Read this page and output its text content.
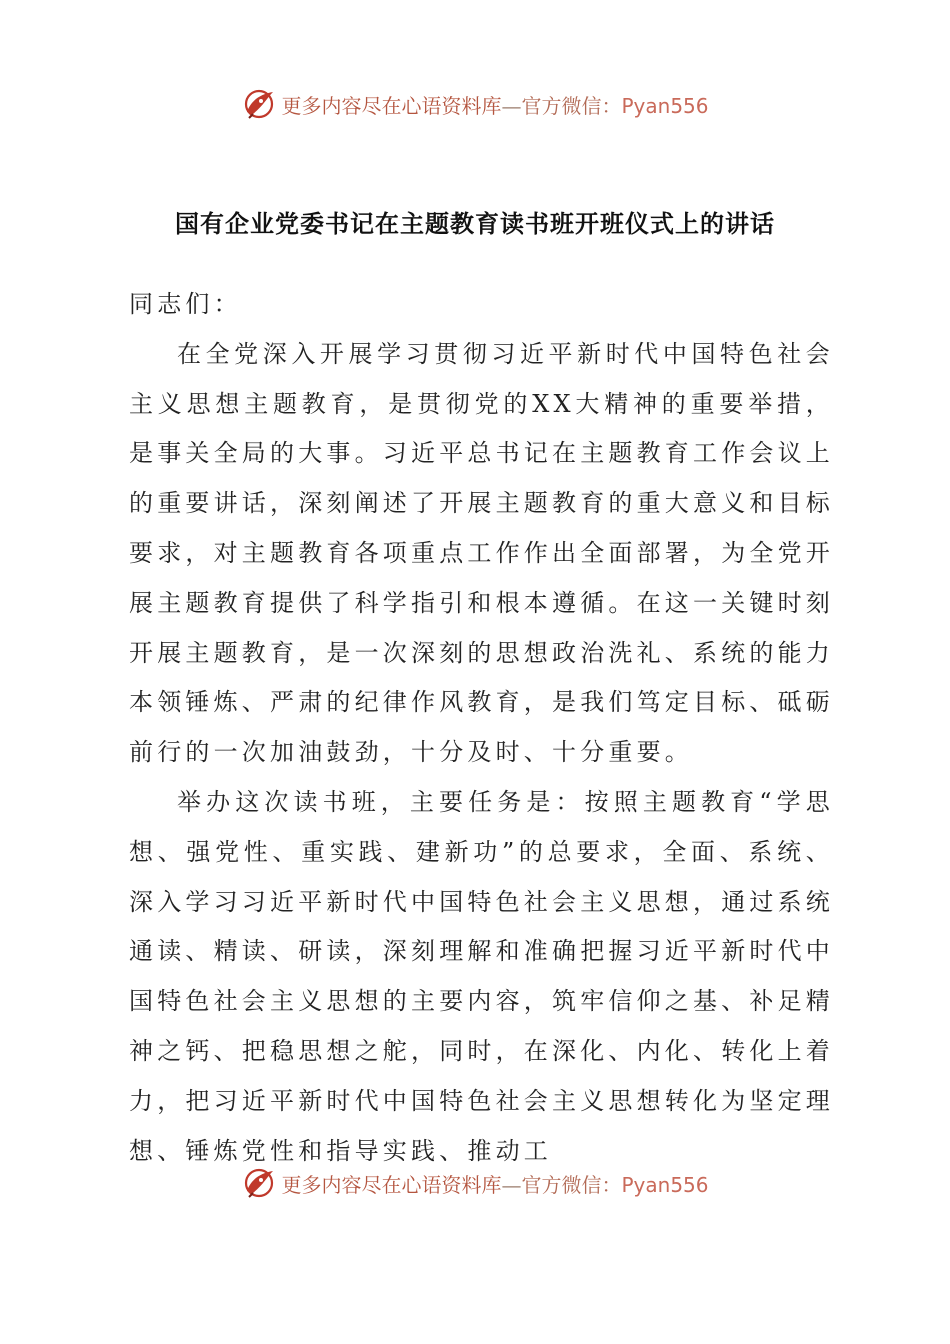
更多内容尽在心语资料库—官方微信：Pyan556
国有企业党委书记在主题教育读书班开班仪式上的讲话

同志们：

在全党深入开展学习贯彻习近平新时代中国特色社会主义思想主题教育，是贯彻党的XX大精神的重要举措，是事关全局的大事。习近平总书记在主题教育工作会议上的重要讲话，深刻阐述了开展主题教育的重大意义和目标要求，对主题教育各项重点工作作出全面部署，为全党开展主题教育提供了科学指引和根本遵循。在这一关键时刻开展主题教育，是一次深刻的思想政治洗礼、系统的能力本领锤炼、严肃的纪律作风教育，是我们笃定目标、砥砺前行的一次加油鼓劲，十分及时、十分重要。

举办这次读书班，主要任务是：按照主题教育“学思想、强党性、重实践、建新功”的总要求，全面、系统、深入学习习近平新时代中国特色社会主义思想，通过系统通读、精读、研读，深刻理解和准确把握习近平新时代中国特色社会主义思想的主要内容，筑牢信仰之基、补足精神之钙、把稳思想之舵，同时，在深化、内化、转化上着力，把习近平新时代中国特色社会主义思想转化为坚定理想、锤炼党性和指导实践、推动工

更多内容尽在心语资料库—官方微信：Pyan556
